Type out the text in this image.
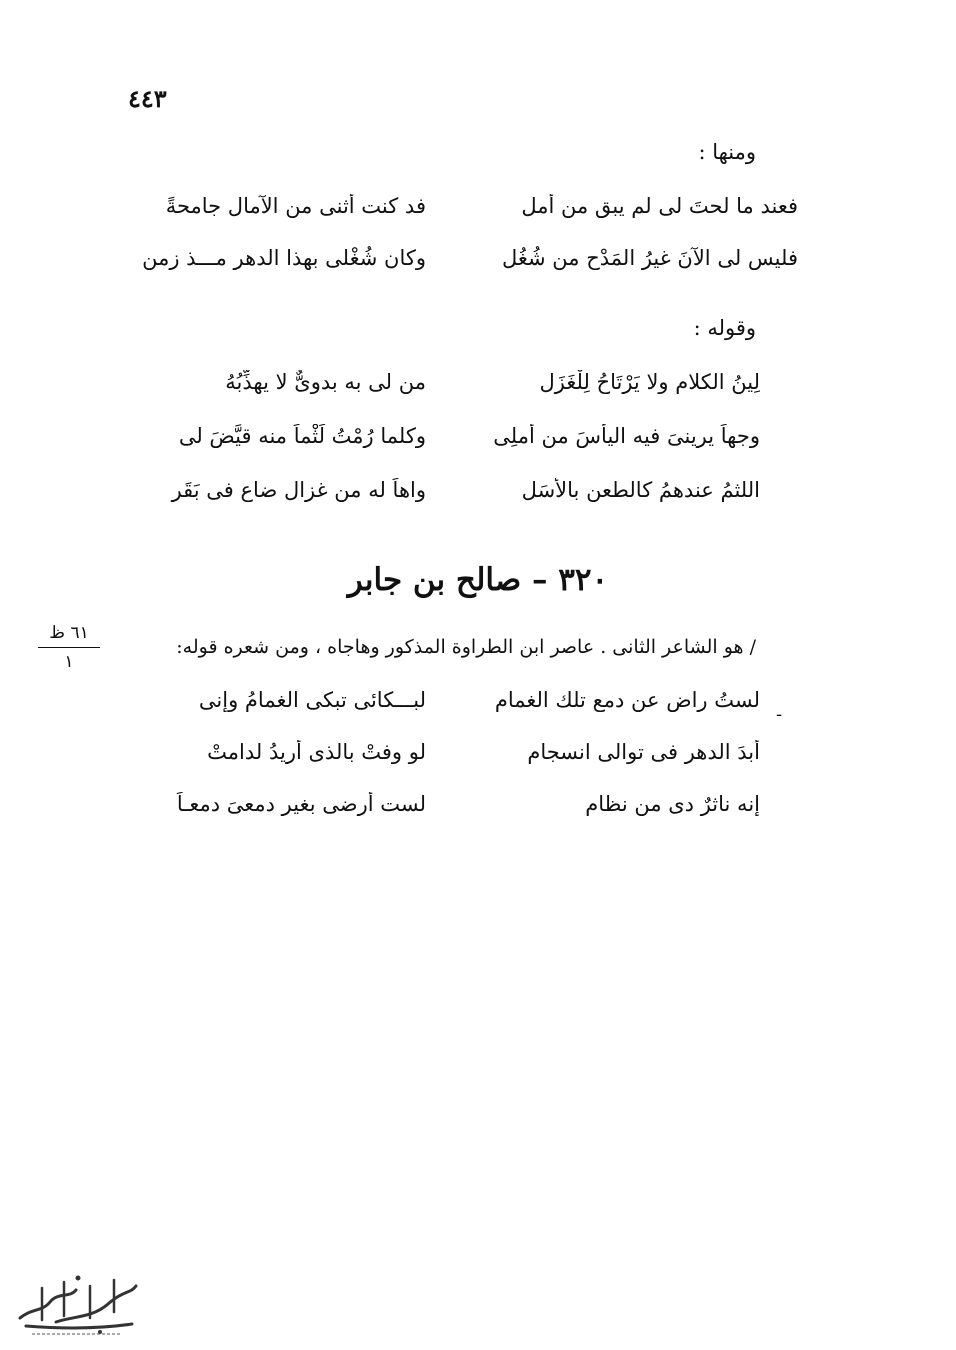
٤٤٣
ومنها :
فد كنت أثنى من الآمال جامحةً	فعند ما لحتَ لى لم يبق من أملِ
وكان شُغْلى بهذا الدهر مـــذ زمنٍ	فليس لى الآنَ غيرُ المَدْحِ من شُغُلِ
وقوله :
من لى به بدوىٌّ لا يهذِّبُهُ	لِينُ الكلام ولا يَرْتَاحُ لِلْغَزَلِ
وكلما رُمْتُ لَثْماً منه قيَّضَ لى	وجهاً يرينىَ فيه اليأسَ من أملِى
واهاً له من غزال ضاع فى بَقَرٍ	اللثمُ عندهمُ كالطعن بالأَسَلِ
٣٢٠ – صالح بن جابر
٦١ ظ
١
/ هو الشاعر الثانى . عاصر ابن الطراوة المذكور وهاجاه ، ومن شعره قوله:
-
لبـــكائى تبكى الغمامُ وإنى	لستُ راضٍ عن دمع تلك الغمامِ
لو وفتْ بالذى أريدُ لدامتْ	أبدَ الدهر فى توالى انسجامِ
لست أرضى بغير دمعىَ دمعـاً	إنه ناثرٌ دى من نظامِ
